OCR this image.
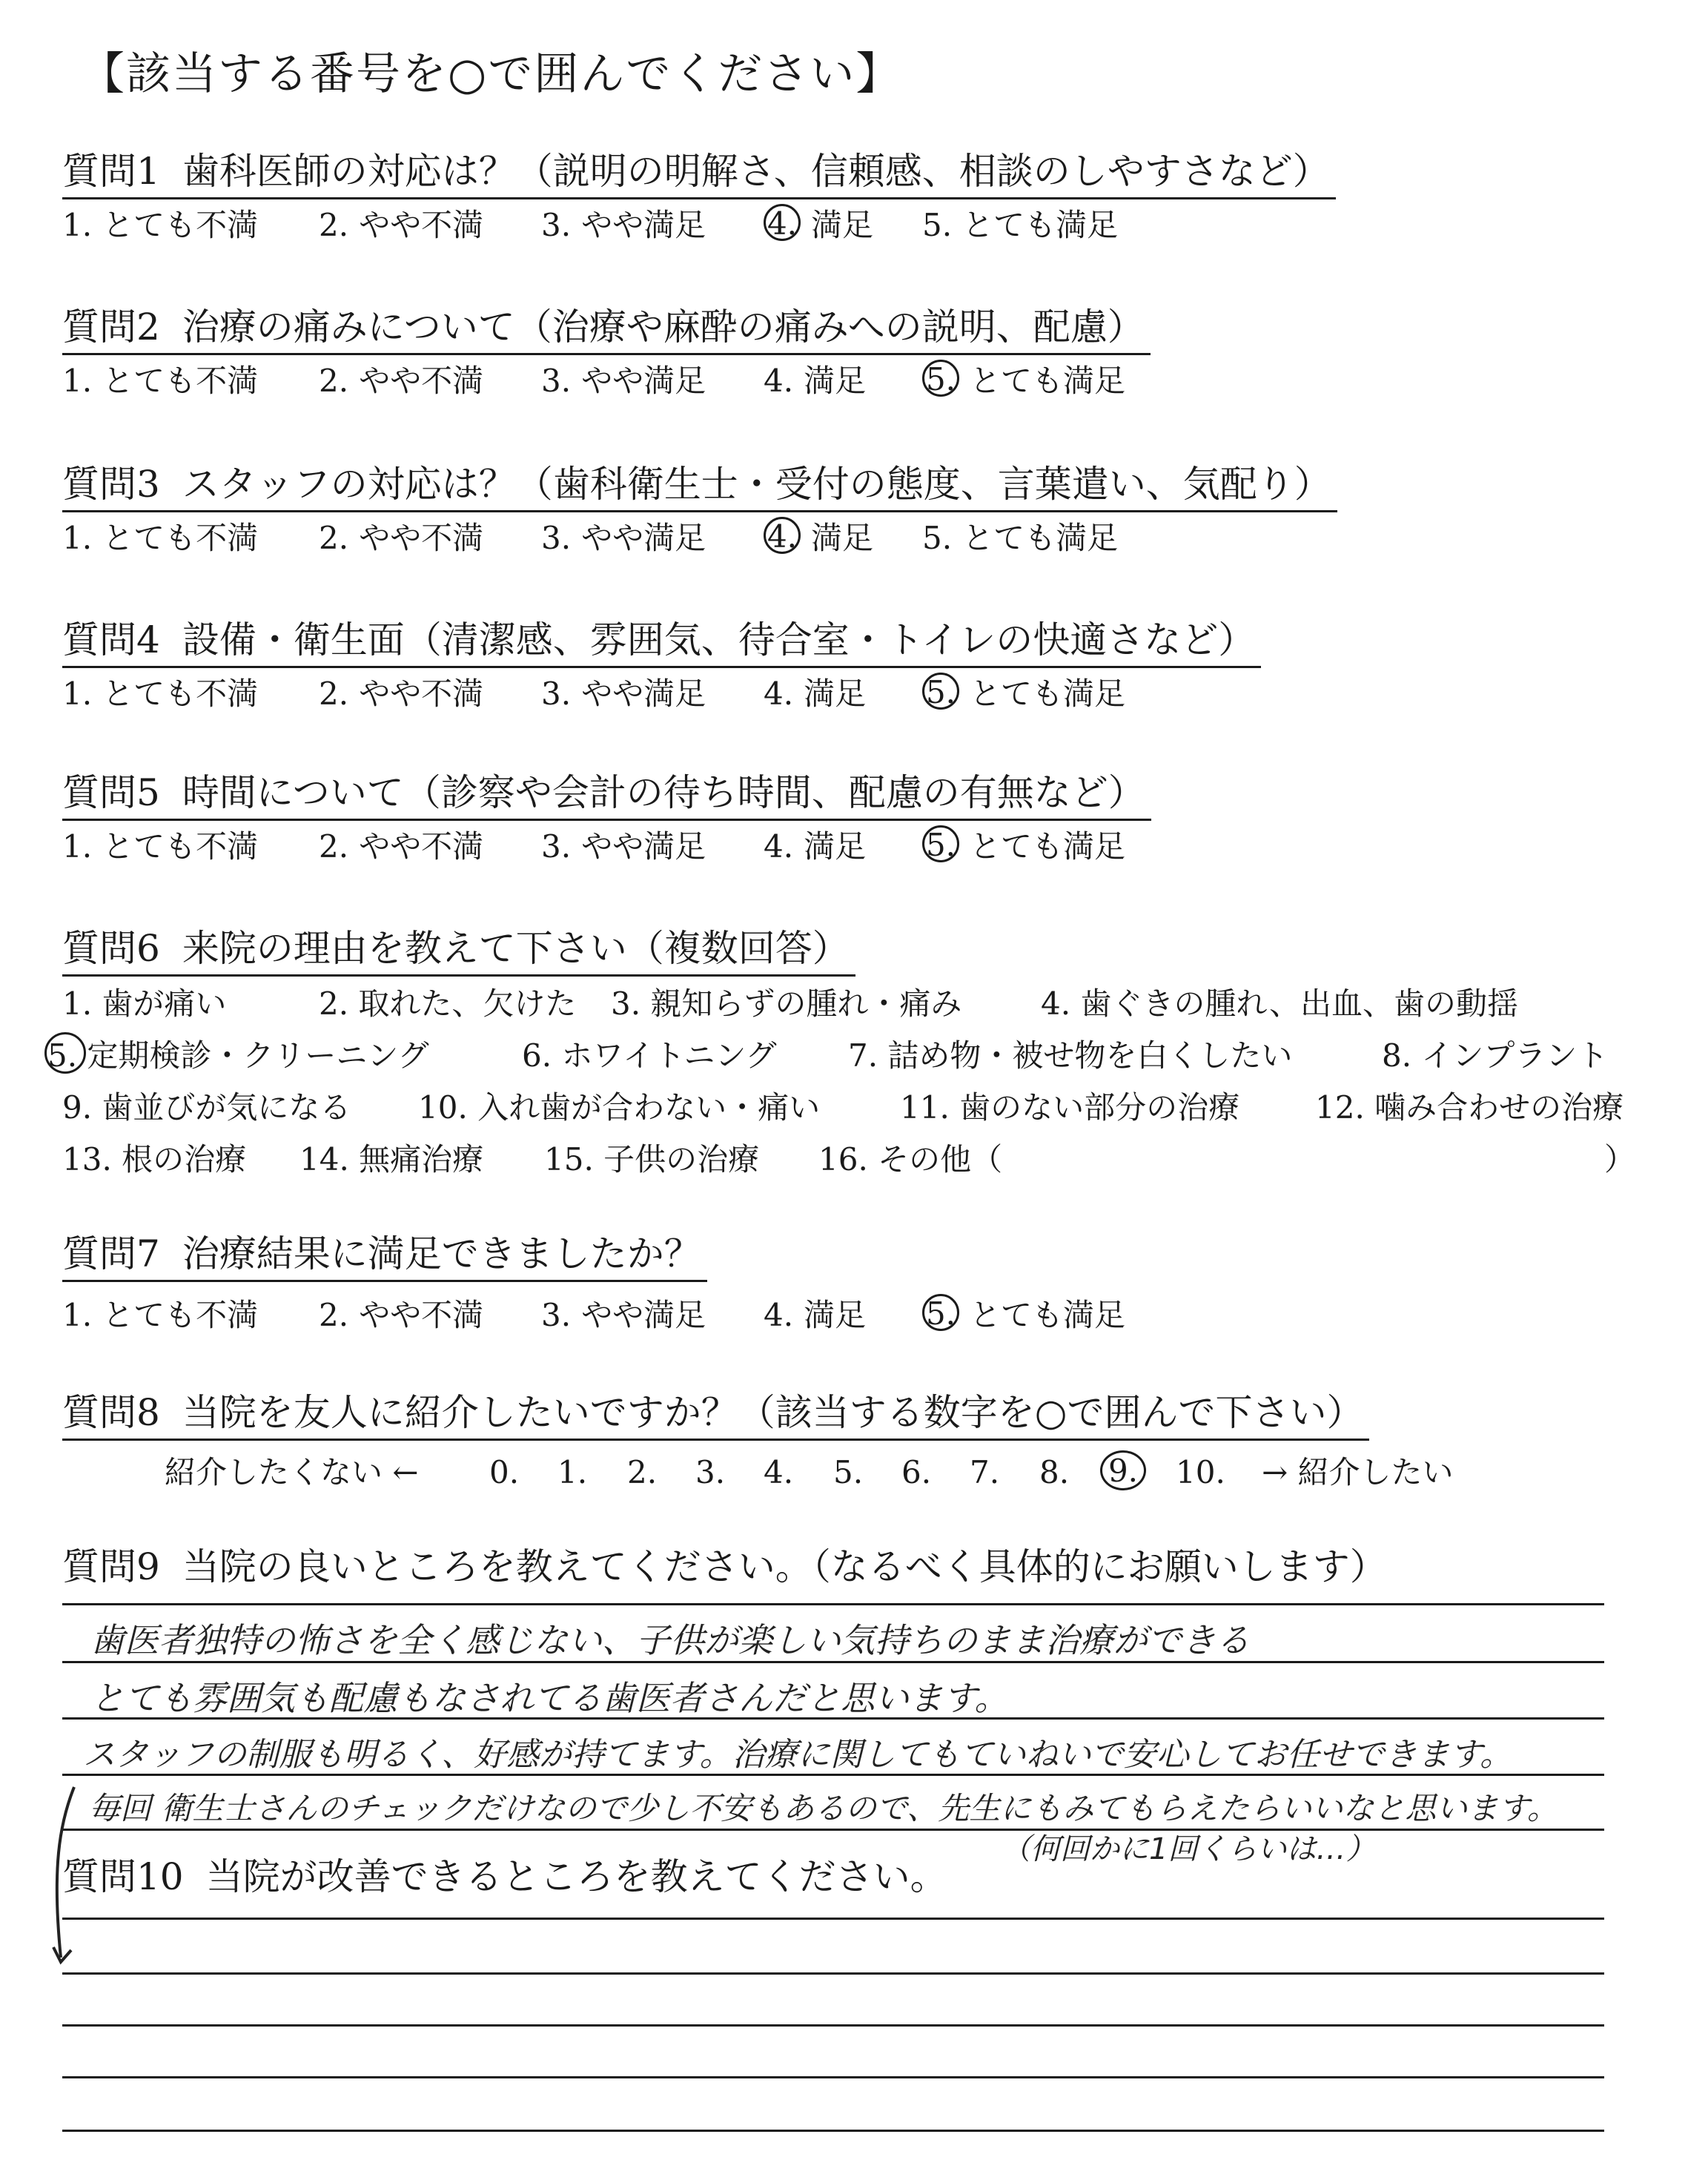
【該当する番号を○で囲んでください】
質問1 歯科医師の対応は？（説明の明解さ、信頼感、相談のしやすさなど）
1. とても不満 2. やや不満 3. やや満足 4. 満足 5. とても満足
質問2 治療の痛みについて（治療や麻酔の痛みへの説明、配慮）
1. とても不満 2. やや不満 3. やや満足 4. 満足 5. とても満足
質問3 スタッフの対応は？（歯科衛生士・受付の態度、言葉遣い、気配り）
1. とても不満 2. やや不満 3. やや満足 4. 満足 5. とても満足
質問4 設備・衛生面（清潔感、雰囲気、待合室・トイレの快適さなど）
1. とても不満 2. やや不満 3. やや満足 4. 満足 5. とても満足
質問5 時間について（診察や会計の待ち時間、配慮の有無など）
1. とても不満 2. やや不満 3. やや満足 4. 満足 5. とても満足
質問6 来院の理由を教えて下さい（複数回答）
1. 歯が痛い	2. 取れた、欠けた 3. 親知らずの腫れ・痛み	4. 歯ぐきの腫れ、出血、歯の動揺
5. 定期検診・クリーニング	6. ホワイトニング 7. 詰め物・被せ物を白くしたい	8. インプラント
9. 歯並びが気になる 10. 入れ歯が合わない・痛い	11. 歯のない部分の治療 12. 噛み合わせの治療
13. 根の治療 14. 無痛治療 15. 子供の治療 16. その他（	）
質問7 治療結果に満足できましたか？
1. とても不満 2. やや不満 3. やや満足 4. 満足 5. とても満足
質問8 当院を友人に紹介したいですか？（該当する数字を○で囲んで下さい）
紹介したくない ←	→ 紹介したい
0. 1. 2. 3. 4. 5. 6. 7. 8. 9. 10.
質問9 当院の良いところを教えてください。（なるべく具体的にお願いします）
歯医者独特の怖さを全く感じない、子供が楽しい気持ちのまま治療ができる
とても雰囲気も配慮もなされてる歯医者さんだと思います。
スタッフの制服も明るく、好感が持てます。治療に関してもていねいで安心してお任せできます。
毎回 衛生士さんのチェックだけなので少し不安もあるので、先生にもみてもらえたらいいなと思います。
（何回かに1回くらいは…）
質問10 当院が改善できるところを教えてください。
